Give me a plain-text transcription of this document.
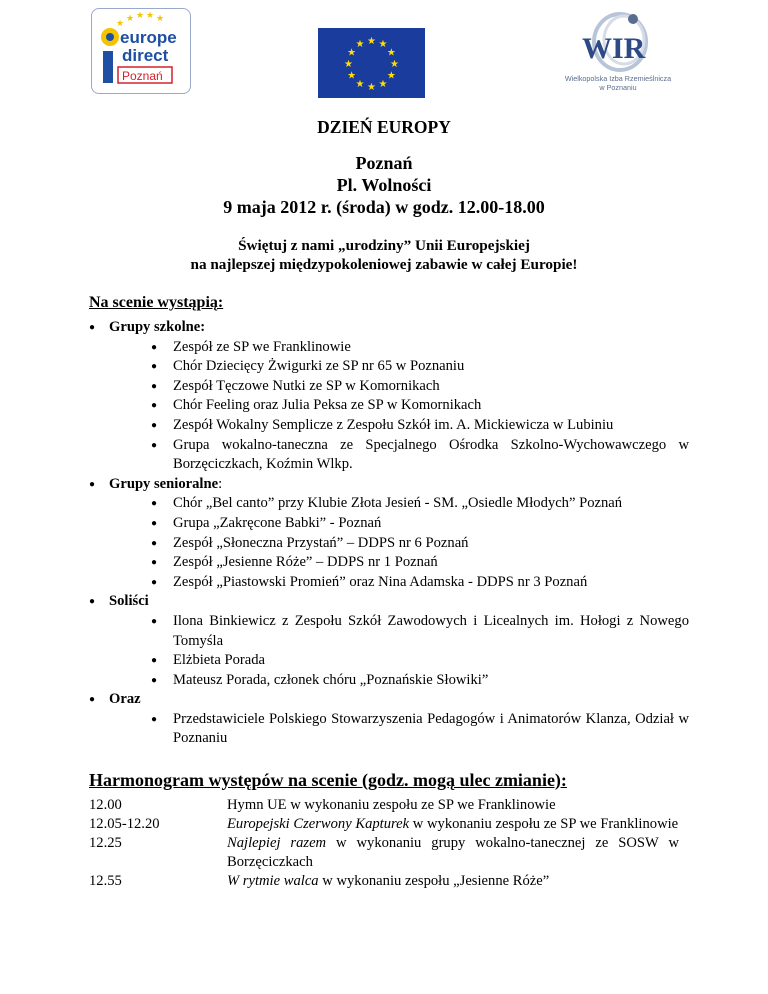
★ ★ ★ ★
★
europe
direct
Poznań
★ ★
★
★
★
★
★
★
★
★
★
★	WIR
Wielkopolska Izba Rzemieślnicza
w Poznaniu
DZIEŃ EUROPY
Poznań
Pl. Wolności
9 maja 2012 r. (środa) w godz. 12.00-18.00
Świętuj z nami „urodziny” Unii Europejskiej
na najlepszej międzypokoleniowej zabawie w całej Europie!
Na scenie wystąpią:
● Grupy szkolne:
● Zespół ze SP we Franklinowie
● Chór Dziecięcy Żwigurki ze SP nr 65 w Poznaniu
● Zespół Tęczowe Nutki ze SP w Komornikach
● Chór Feeling oraz Julia Peksa ze SP w Komornikach
● Zespół Wokalny Semplicze z Zespołu Szkół im. A. Mickiewicza w Lubiniu
● Grupa wokalno-taneczna ze Specjalnego Ośrodka Szkolno-Wychowawczego w Borzęciczkach, Koźmin Wlkp.
● Grupy senioralne:
● Chór „Bel canto” przy Klubie Złota Jesień - SM. „Osiedle Młodych” Poznań
● Grupa „Zakręcone Babki” - Poznań
● Zespół „Słoneczna Przystań” – DDPS nr 6 Poznań
● Zespół „Jesienne Róże” – DDPS nr 1 Poznań
● Zespół „Piastowski Promień” oraz Nina Adamska - DDPS nr 3 Poznań
● Soliści
● Ilona Binkiewicz z Zespołu Szkół Zawodowych i Licealnych im. Hołogi z Nowego Tomyśla
● Elżbieta Porada
● Mateusz Porada, członek chóru „Poznańskie Słowiki”
● Oraz
● Przedstawiciele Polskiego Stowarzyszenia Pedagogów i Animatorów Klanza, Odział w Poznaniu
Harmonogram występów na scenie (godz. mogą ulec zmianie):
12.00	Hymn UE w wykonaniu zespołu ze SP we Franklinowie
12.05-12.20	Europejski Czerwony Kapturek w wykonaniu zespołu ze SP we Franklinowie
12.25	Najlepiej razem w wykonaniu grupy wokalno-tanecznej ze SOSW w Borzęciczkach
12.55	W rytmie walca w wykonaniu zespołu „Jesienne Róże”
